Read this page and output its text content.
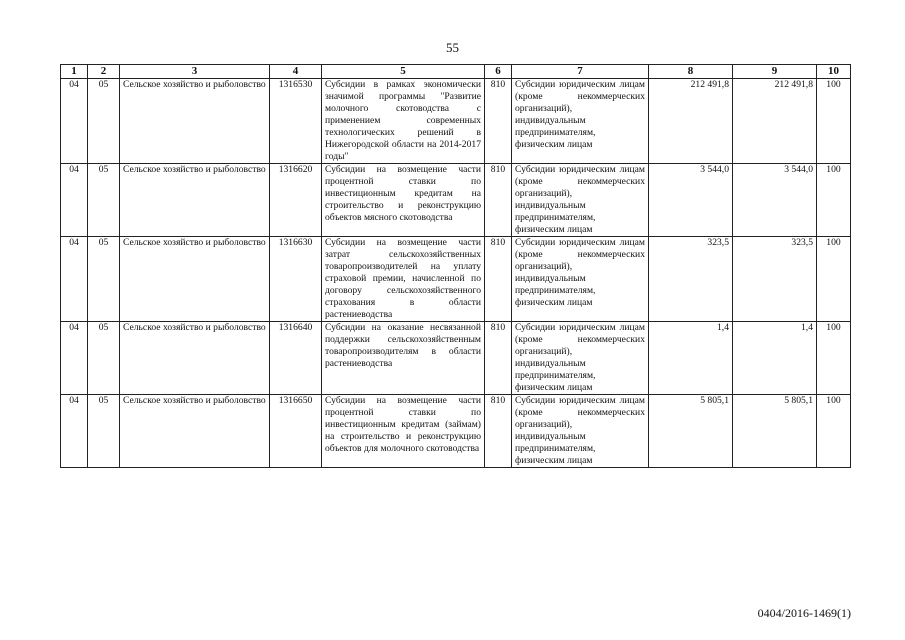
55
1	2	3	4	5	6	7	8	9	10
04	05	Сельское хозяйство и рыболовство	1316530	Субсидии в рамках экономически значимой программы "Развитие молочного скотоводства с применением современных технологических решений в Нижегородской области на 2014-2017 годы"	810	Субсидии юридическим лицам (кроме некоммерческих организаций), индивидуальным предпринимателям, физическим лицам	212 491,8	212 491,8	100
04	05	Сельское хозяйство и рыболовство	1316620	Субсидии на возмещение части процентной ставки по инвестиционным кредитам на строительство и реконструкцию объектов мясного скотоводства	810	Субсидии юридическим лицам (кроме некоммерческих организаций), индивидуальным предпринимателям, физическим лицам	3 544,0	3 544,0	100
04	05	Сельское хозяйство и рыболовство	1316630	Субсидии на возмещение части затрат сельскохозяйственных товаропроизводителей на уплату страховой премии, начисленной по договору сельскохозяйственного страхования в области растениеводства	810	Субсидии юридическим лицам (кроме некоммерческих организаций), индивидуальным предпринимателям, физическим лицам	323,5	323,5	100
04	05	Сельское хозяйство и рыболовство	1316640	Субсидии на оказание несвязанной поддержки сельскохозяйственным товаропроизводителям в области растениеводства	810	Субсидии юридическим лицам (кроме некоммерческих организаций), индивидуальным предпринимателям, физическим лицам	1,4	1,4	100
04	05	Сельское хозяйство и рыболовство	1316650	Субсидии на возмещение части процентной ставки по инвестиционным кредитам (займам) на строительство и реконструкцию объектов для молочного скотоводства	810	Субсидии юридическим лицам (кроме некоммерческих организаций), индивидуальным предпринимателям, физическим лицам	5 805,1	5 805,1	100
0404/2016-1469(1)
